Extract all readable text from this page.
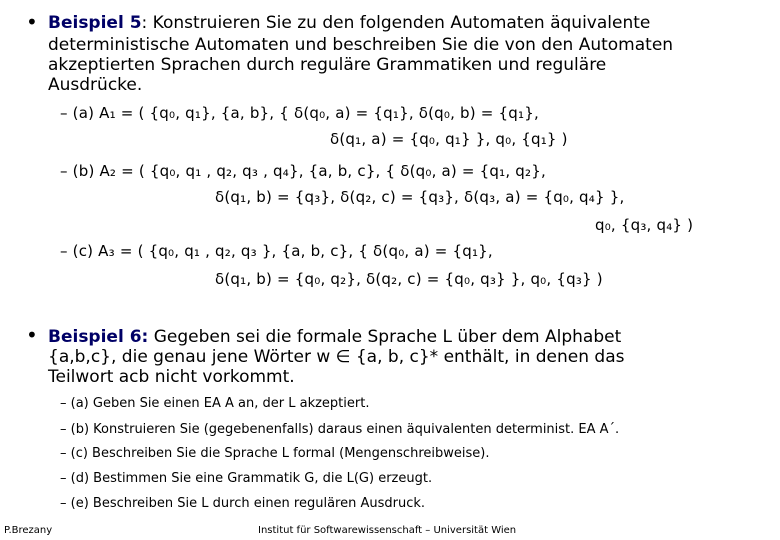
• Beispiel 5: Konstruieren Sie zu den folgenden Automaten äquivalente
deterministische Automaten und beschreiben Sie die von den Automaten
akzeptierten Sprachen durch reguläre Grammatiken und reguläre
Ausdrücke.
– (a) A₁ = ( {q₀, q₁}, {a, b}, { δ(q₀, a) = {q₁}, δ(q₀, b) = {q₁},
δ(q₁, a) = {q₀, q₁} }, q₀, {q₁} )
– (b) A₂ = ( {q₀, q₁ , q₂, q₃ , q₄}, {a, b, c}, { δ(q₀, a) = {q₁, q₂},
δ(q₁, b) = {q₃}, δ(q₂, c) = {q₃}, δ(q₃, a) = {q₀, q₄} },
q₀, {q₃, q₄} )
– (c) A₃ = ( {q₀, q₁ , q₂, q₃ }, {a, b, c}, { δ(q₀, a) = {q₁},
δ(q₁, b) = {q₀, q₂}, δ(q₂, c) = {q₀, q₃} }, q₀, {q₃} )
• Beispiel 6: Gegeben sei die formale Sprache L über dem Alphabet
{a,b,c}, die genau jene Wörter w ∈ {a, b, c}* enthält, in denen das
Teilwort acb nicht vorkommt.
– (a) Geben Sie einen EA A an, der L akzeptiert.
– (b) Konstruieren Sie (gegebenenfalls) daraus einen äquivalenten determinist. EA A´.
– (c) Beschreiben Sie die Sprache L formal (Mengenschreibweise).
– (d) Bestimmen Sie eine Grammatik G, die L(G) erzeugt.
– (e) Beschreiben Sie L durch einen regulären Ausdruck.
P.Brezany	Institut für Softwarewissenschaft – Universität Wien
